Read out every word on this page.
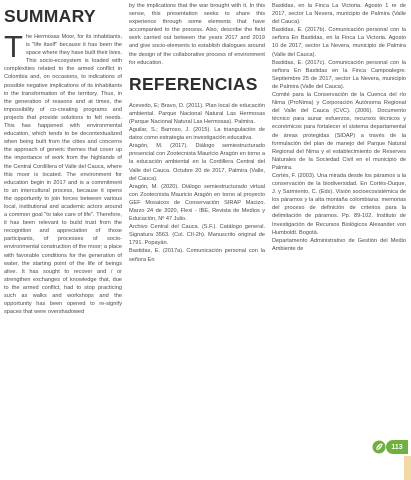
SUMMARY

The Hermosas Moor, for its inhabitants, is "life itself" because it has been the space where they have built their lives. This socio-ecosystem is loaded with complexities related to the armed conflict in Colombia and, on occasions, to indications of possible negative implications of its inhabitants in the transformation of the territory. Thus, in the generation of reasons and at times, the impossibility of co-creating programs and projects that provide solutions to felt needs. This has happened with environmental education, which tends to be decontextualized when being built from the cities and concerns the approach of generic themes that cover up the importance of work from the highlands of the Central Cordillera of Valle del Cauca, where this moor is located. The environment for education begin in 2017 and is a commitment to an intercultural process, because it opens the opportunity to join forces between various local, institutional and academic actors around a common goal "to take care of life". Therefore, it has been relevant to build trust from the recognition and appreciation of those participants, of processes of socio-environmental construction of the moor; a place with favorable conditions for the generation of water, the starting point of the life of beings alive. It has sought to recover and / or strengthen exchanges of knowledge that, due to the armed conflict, had to stop practicing such as walks and workshops and the opportunity has been opened to re-signify spaces that were overshadowed

by the implications that the war brought with it. In this sense, this presentation seeks to share this experience through some elements that have accompanied to the process. Also, describe the field work carried out between the years 2017 and 2019 and give socio-elements to establish dialogues around the design of the collaborative process of environment for education.

REFERENCIAS

Acevedo, E; Bravo, D. (2011). Plan local de educación ambiental. Parque Nacional Natural Las Hermosas (Parque Nacional Natural Las Hermosas). Palmira.

Aguilar, S.; Barroso, J. (2015). La triangulación de datos como estrategia en investigación educativa.

Aragón, M. (2017). Diálogo semiestructurado presencial con Zootecnista Mauricio Aragón en torno a la educación ambiental en la Cordillera Central del Valle del Cauca. Octubre 20 de 2017, Palmira (Valle, del Cauca).

Aragón, M. (2020). Diálogo semiestructurado virtual con Zootecnista Mauricio Aragón en torno al proyecto GEF Mosaicos de Conservación SIRAP Macizo. Marzo 24 de 2020, Flexi - IBE, Revista de Medios y Educación, Nº 47 Julio.

Archivo Central del Cauca. (S.F.). Catálogo general. Signatura 3563. (Col. CII-2h). Manuscrito original de 1791. Popayán.

Bastidas, E. (2017a). Comunicación personal con la señora En

Bastidas, en la Finca La Victoria. Agosto 1 re de 2017, sector La Nevera, municipio de Palmira (Valle del Cauca).

Bastidas, E. (2017b). Comunicación personal con la señora En Bastidas, en la Finca La Victoria. Agosto 10 de 2017, sector La Nevera, municipio de Palmira (Valle del Cauca).

Bastidas, E. (2017c). Comunicación personal con la señora En Bastidas en la Finca Campoalegre. Septiembre 25 de 2017, sector La Nevera, municipio de Palmira (Valle del Cauca).

Comité para la Conservación de la Cuenca del río Nima (ProNima) y Corporación Autónoma Regional del Valle del Cauca (CVC). (2006). Documento técnico para aunar esfuerzos, recursos técnicos y económicos para fortalecer el sistema departamental de áreas protegidas (SIDAP) a través de la formulación del plan de manejo del Parque Natural Regional del Nima y el establecimiento de Reserves Naturales de la Sociedad Civil en el municipio de Palmira.

Cortés, F. (2003). Una mirada desde los páramos a la conservación de la biodiversidad. En Cortés-Duque, J. y Sarmiento, C. (Eds). Visión socioecosistémica de los páramos y la alta montaña colombiana: memorias del proceso de definición de criterios para la delimitación de páramos. Pp. 89-102. Instituto de Investigación de Recursos Biológicos Alexander von Humboldt. Bogotá.

Departamento Administrativo de Gestión del Medio Ambiente de

113
